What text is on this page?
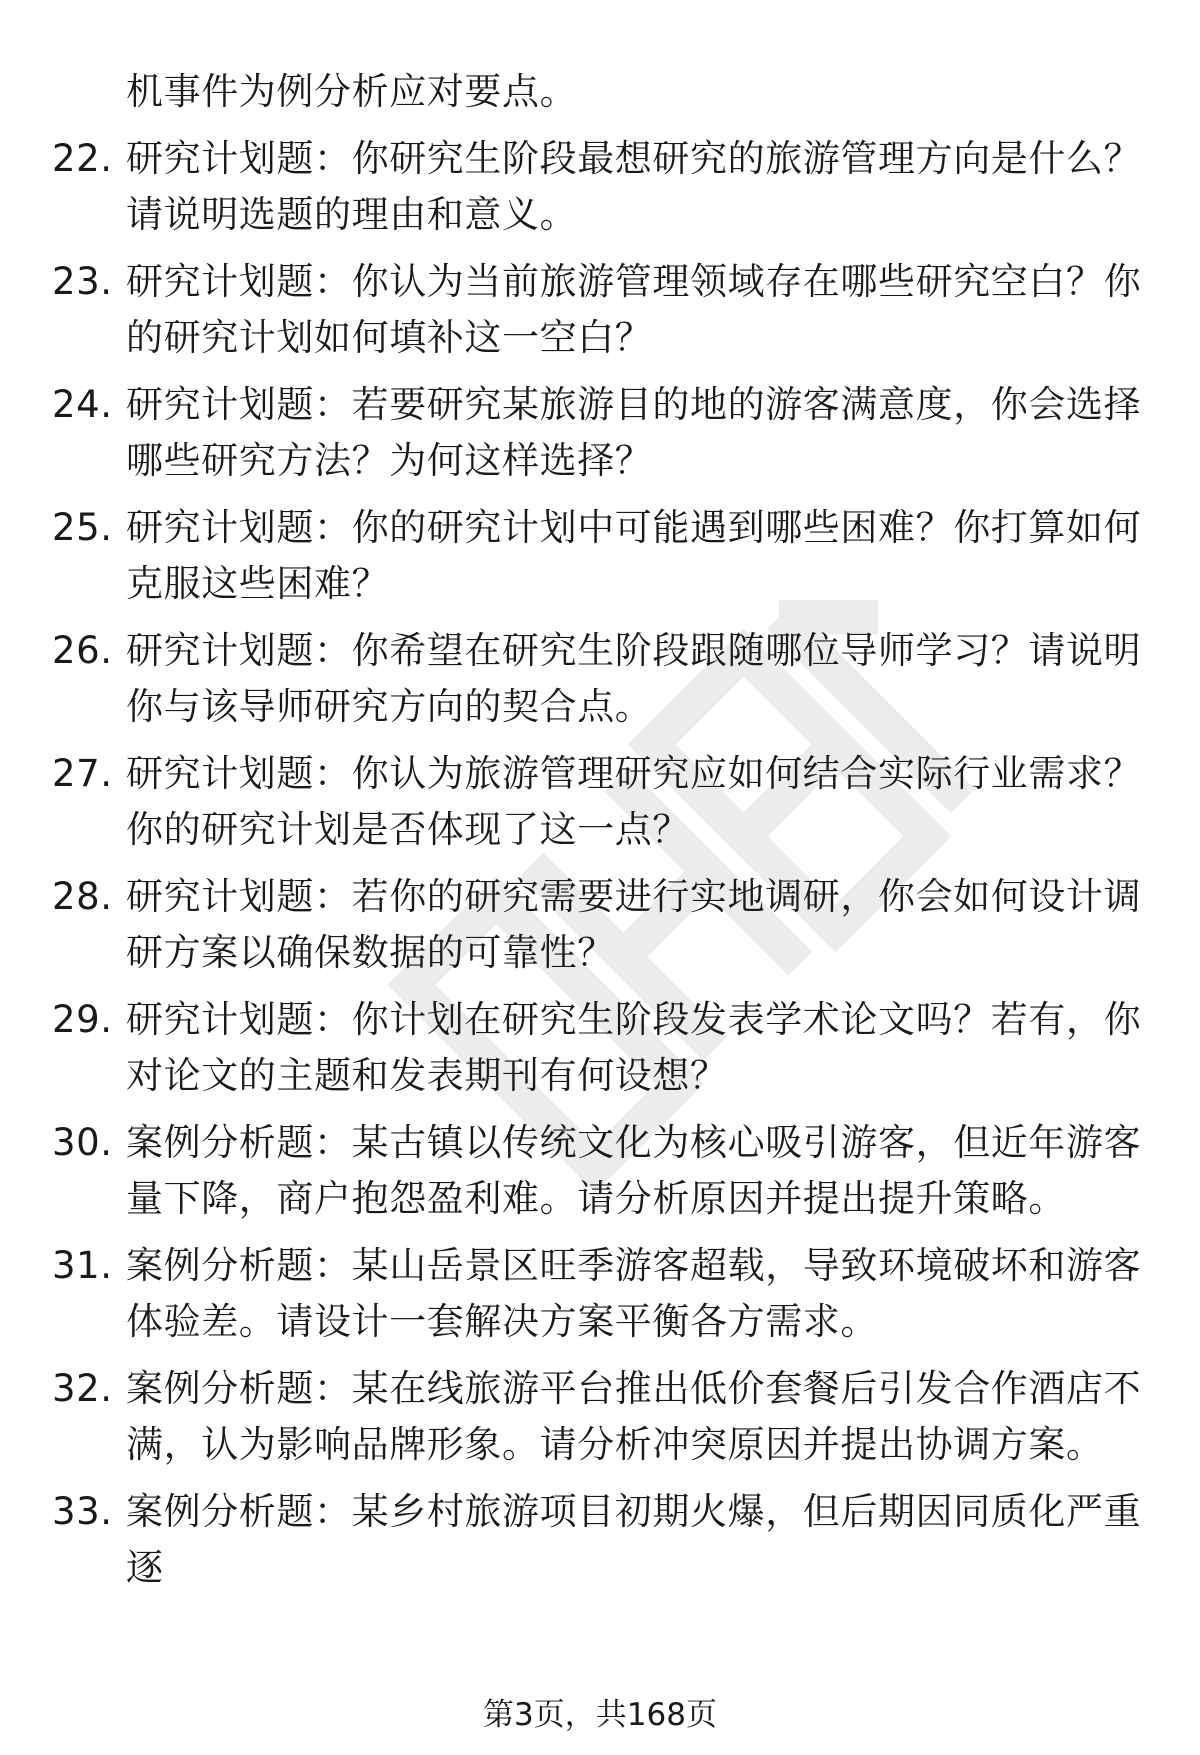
机事件为例分析应对要点。
22. 研究计划题：你研究生阶段最想研究的旅游管理方向是什么？请说明选题的理由和意义。
23. 研究计划题：你认为当前旅游管理领域存在哪些研究空白？你的研究计划如何填补这一空白？
24. 研究计划题：若要研究某旅游目的地的游客满意度，你会选择哪些研究方法？为何这样选择？
25. 研究计划题：你的研究计划中可能遇到哪些困难？你打算如何克服这些困难？
26. 研究计划题：你希望在研究生阶段跟随哪位导师学习？请说明你与该导师研究方向的契合点。
27. 研究计划题：你认为旅游管理研究应如何结合实际行业需求？你的研究计划是否体现了这一点？
28. 研究计划题：若你的研究需要进行实地调研，你会如何设计调研方案以确保数据的可靠性？
29. 研究计划题：你计划在研究生阶段发表学术论文吗？若有，你对论文的主题和发表期刊有何设想？
30. 案例分析题：某古镇以传统文化为核心吸引游客，但近年游客量下降，商户抱怨盈利难。请分析原因并提出提升策略。
31. 案例分析题：某山岳景区旺季游客超载，导致环境破坏和游客体验差。请设计一套解决方案平衡各方需求。
32. 案例分析题：某在线旅游平台推出低价套餐后引发合作酒店不满，认为影响品牌形象。请分析冲突原因并提出协调方案。
33. 案例分析题：某乡村旅游项目初期火爆，但后期因同质化严重逐
第3页，共168页
